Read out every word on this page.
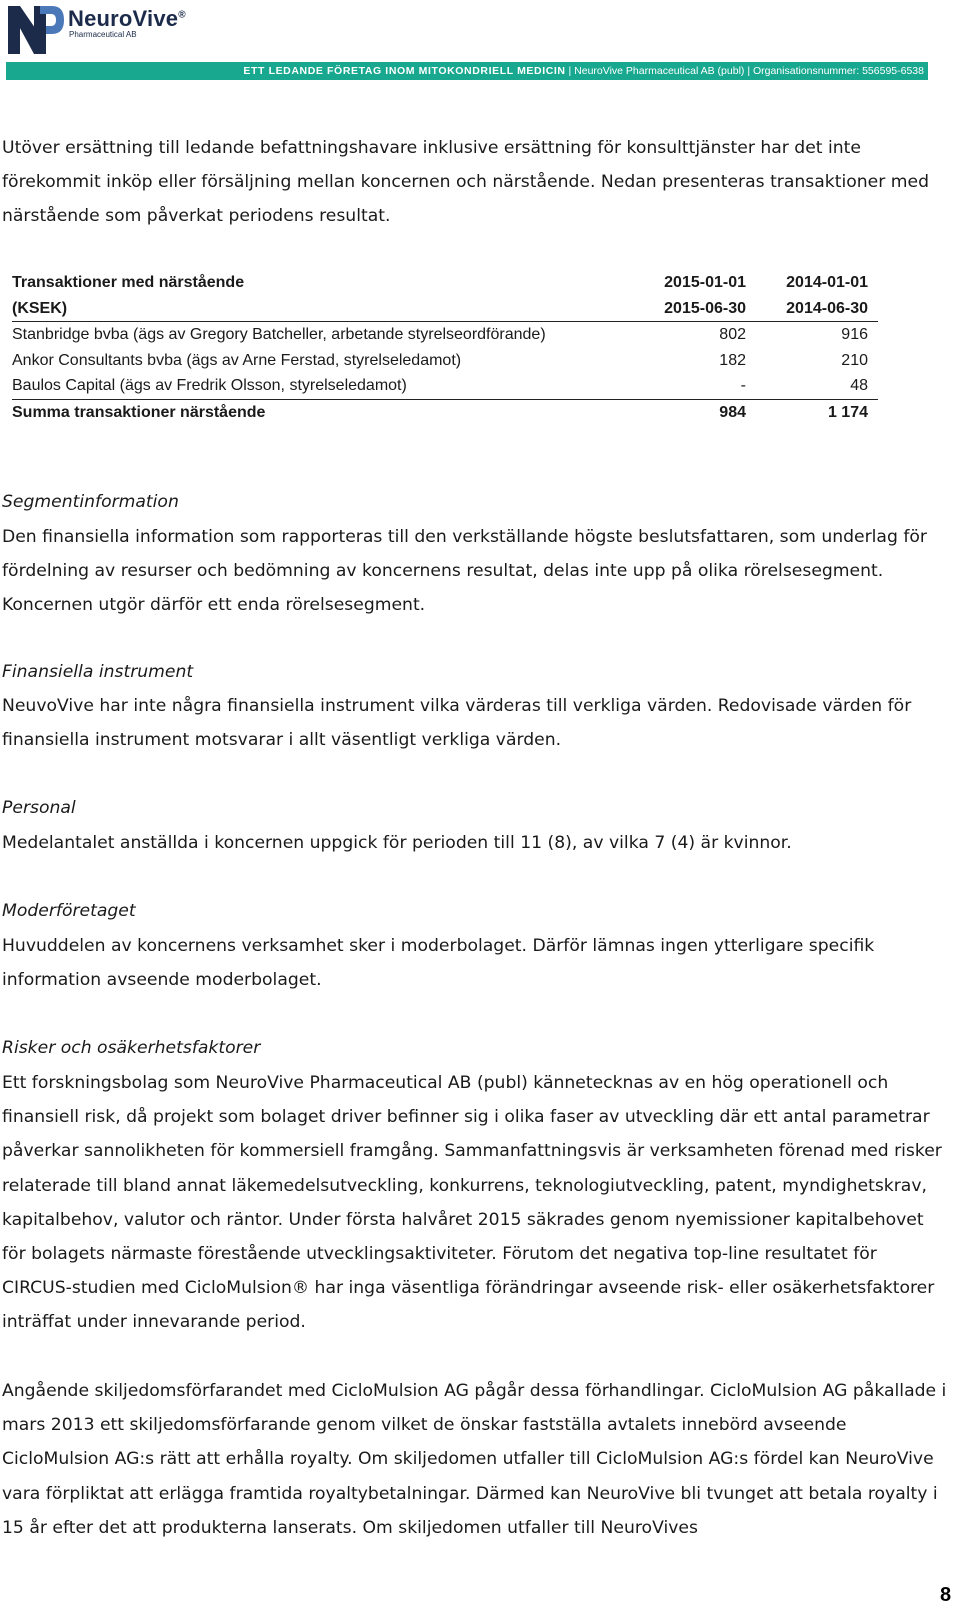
NeuroVive®
Pharmaceutical AB
ETT LEDANDE FÖRETAG INOM MITOKONDRIELL MEDICIN | NeuroVive Pharmaceutical AB (publ) | Organisationsnummer: 556595-6538

Utöver ersättning till ledande befattningshavare inklusive ersättning för konsulttjänster har det inte förekommit inköp eller försäljning mellan koncernen och närstående. Nedan presenteras transaktioner med närstående som påverkat periodens resultat.

Transaktioner med närstående	2015-01-01	2014-01-01
(KSEK)	2015-06-30	2014-06-30
Stanbridge bvba (ägs av Gregory Batcheller, arbetande styrelseordförande)	802	916
Ankor Consultants bvba (ägs av Arne Ferstad, styrelseledamot)	182	210
Baulos Capital (ägs av Fredrik Olsson, styrelseledamot)	-	48
Summa transaktioner närstående	984	1 174

Segmentinformation

Den finansiella information som rapporteras till den verkställande högste beslutsfattaren, som underlag för fördelning av resurser och bedömning av koncernens resultat, delas inte upp på olika rörelsesegment. Koncernen utgör därför ett enda rörelsesegment.

Finansiella instrument

NeuvoVive har inte några finansiella instrument vilka värderas till verkliga värden. Redovisade värden för finansiella instrument motsvarar i allt väsentligt verkliga värden.

Personal

Medelantalet anställda i koncernen uppgick för perioden till 11 (8), av vilka 7 (4) är kvinnor.

Moderföretaget

Huvuddelen av koncernens verksamhet sker i moderbolaget. Därför lämnas ingen ytterligare specifik information avseende moderbolaget.

Risker och osäkerhetsfaktorer

Ett forskningsbolag som NeuroVive Pharmaceutical AB (publ) kännetecknas av en hög operationell och finansiell risk, då projekt som bolaget driver befinner sig i olika faser av utveckling där ett antal parametrar påverkar sannolikheten för kommersiell framgång. Sammanfattningsvis är verksamheten förenad med risker relaterade till bland annat läkemedelsutveckling, konkurrens, teknologiutveckling, patent, myndighetskrav, kapitalbehov, valutor och räntor. Under första halvåret 2015 säkrades genom nyemissioner kapitalbehovet för bolagets närmaste förestående utvecklingsaktiviteter. Förutom det negativa top-line resultatet för CIRCUS-studien med CicloMulsion® har inga väsentliga förändringar avseende risk- eller osäkerhetsfaktorer inträffat under innevarande period.

Angående skiljedomsförfarandet med CicloMulsion AG pågår dessa förhandlingar. CicloMulsion AG påkallade i mars 2013 ett skiljedomsförfarande genom vilket de önskar fastställa avtalets innebörd avseende CicloMulsion AG:s rätt att erhålla royalty. Om skiljedomen utfaller till CicloMulsion AG:s fördel kan NeuroVive vara förpliktat att erlägga framtida royaltybetalningar. Därmed kan NeuroVive bli tvunget att betala royalty i 15 år efter det att produkterna lanserats. Om skiljedomen utfaller till NeuroVives

8
